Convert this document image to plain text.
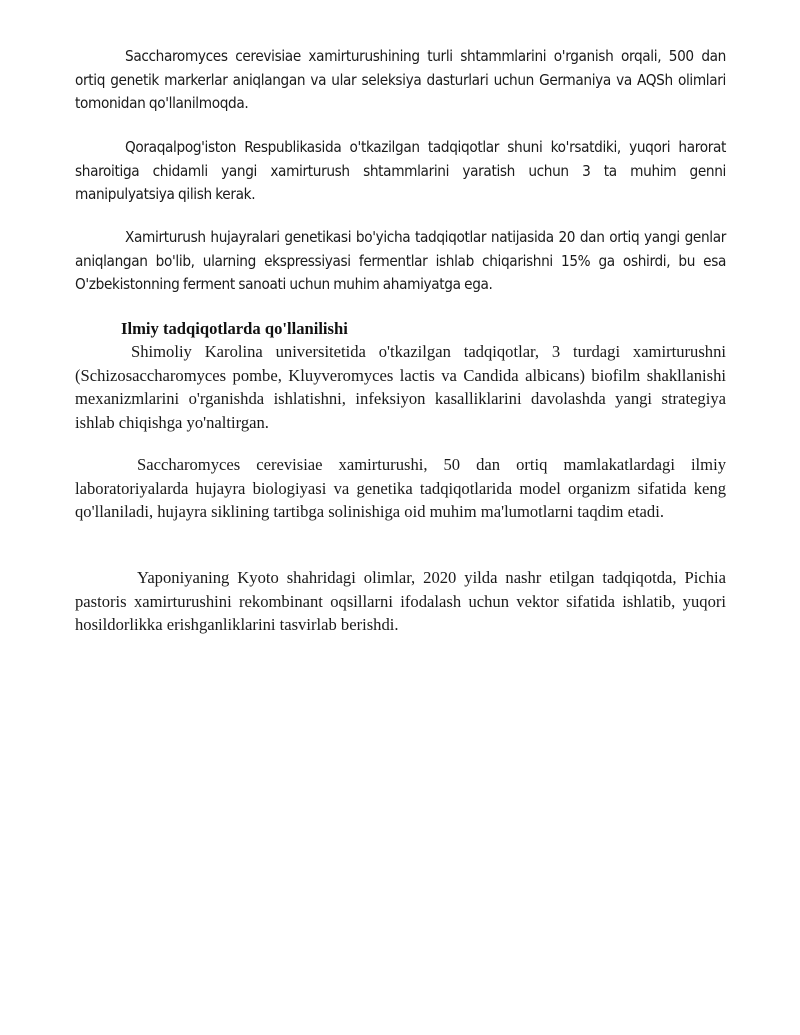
Saccharomyces cerevisiae xamirturushining turli shtammlarini o'rganish orqali, 500 dan ortiq genetik markerlar aniqlangan va ular seleksiya dasturlari uchun Germaniya va AQSh olimlari tomonidan qo'llanilmoqda.

Qoraqalpog'iston Respublikasida o'tkazilgan tadqiqotlar shuni ko'rsatdiki, yuqori harorat sharoitiga chidamli yangi xamirturush shtammlarini yaratish uchun 3 ta muhim genni manipulyatsiya qilish kerak.

Xamirturush hujayralari genetikasi bo'yicha tadqiqotlar natijasida 20 dan ortiq yangi genlar aniqlangan bo'lib, ularning ekspressiyasi fermentlar ishlab chiqarishni 15% ga oshirdi, bu esa O'zbekistonning ferment sanoati uchun muhim ahamiyatga ega.

Ilmiy tadqiqotlarda qo'llanilishi

Shimoliy Karolina universitetida o'tkazilgan tadqiqotlar, 3 turdagi xamirturushni (Schizosaccharomyces pombe, Kluyveromyces lactis va Candida albicans) biofilm shakllanishi mexanizmlarini o'rganishda ishlatishni, infeksiyon kasalliklarini davolashda yangi strategiya ishlab chiqishga yo'naltirgan.

Saccharomyces cerevisiae xamirturushi, 50 dan ortiq mamlakatlardagi ilmiy laboratoriyalarda hujayra biologiyasi va genetika tadqiqotlarida model organizm sifatida keng qo'llaniladi, hujayra siklining tartibga solinishiga oid muhim ma'lumotlarni taqdim etadi.

Yaponiyaning Kyoto shahridagi olimlar, 2020 yilda nashr etilgan tadqiqotda, Pichia pastoris xamirturushini rekombinant oqsillarni ifodalash uchun vektor sifatida ishlatib, yuqori hosildorlikka erishganliklarini tasvirlab berishdi.
